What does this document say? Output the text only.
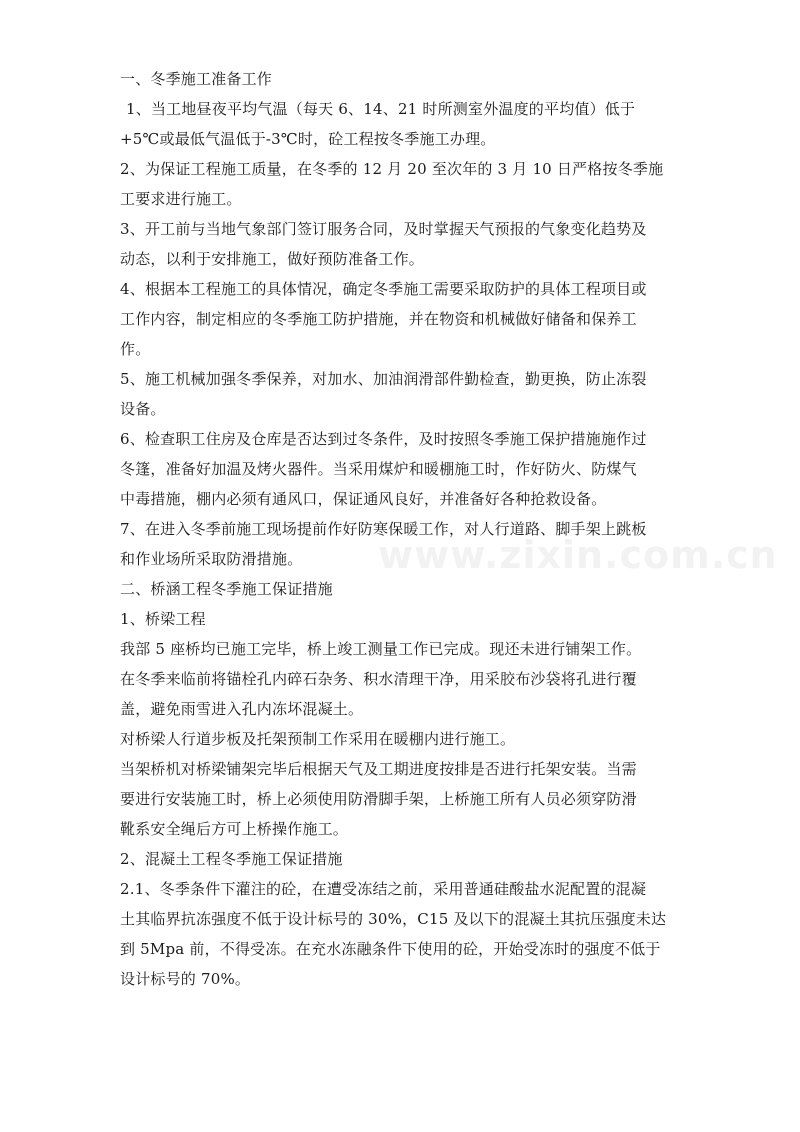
一、冬季施工准备工作
1、当工地昼夜平均气温（每天 6、14、21 时所测室外温度的平均值）低于
+5℃或最低气温低于-3℃时，砼工程按冬季施工办理。
2、为保证工程施工质量，在冬季的 12 月 20 至次年的 3 月 10 日严格按冬季施
工要求进行施工。
3、开工前与当地气象部门签订服务合同，及时掌握天气预报的气象变化趋势及
动态，以利于安排施工，做好预防准备工作。
4、根据本工程施工的具体情况，确定冬季施工需要采取防护的具体工程项目或
工作内容，制定相应的冬季施工防护措施，并在物资和机械做好储备和保养工
作。
5、施工机械加强冬季保养，对加水、加油润滑部件勤检查，勤更换，防止冻裂
设备。
6、检查职工住房及仓库是否达到过冬条件，及时按照冬季施工保护措施施作过
冬篷，准备好加温及烤火器件。当采用煤炉和暖棚施工时，作好防火、防煤气
中毒措施，棚内必须有通风口，保证通风良好，并准备好各种抢救设备。
7、在进入冬季前施工现场提前作好防寒保暖工作，对人行道路、脚手架上跳板
和作业场所采取防滑措施。
二、桥涵工程冬季施工保证措施
1、桥梁工程
我部 5 座桥均已施工完毕，桥上竣工测量工作已完成。现还未进行铺架工作。
在冬季来临前将锚栓孔内碎石杂务、积水清理干净，用采胶布沙袋将孔进行覆
盖，避免雨雪进入孔内冻坏混凝土。
对桥梁人行道步板及托架预制工作采用在暖棚内进行施工。
当架桥机对桥梁铺架完毕后根据天气及工期进度按排是否进行托架安装。当需
要进行安装施工时，桥上必须使用防滑脚手架，上桥施工所有人员必须穿防滑
靴系安全绳后方可上桥操作施工。
2、混凝土工程冬季施工保证措施
2.1、冬季条件下灌注的砼，在遭受冻结之前，采用普通硅酸盐水泥配置的混凝
土其临界抗冻强度不低于设计标号的 30%，C15 及以下的混凝土其抗压强度未达
到 5Mpa 前，不得受冻。在充水冻融条件下使用的砼，开始受冻时的强度不低于
设计标号的 70%。
www.zixin.com.cn
